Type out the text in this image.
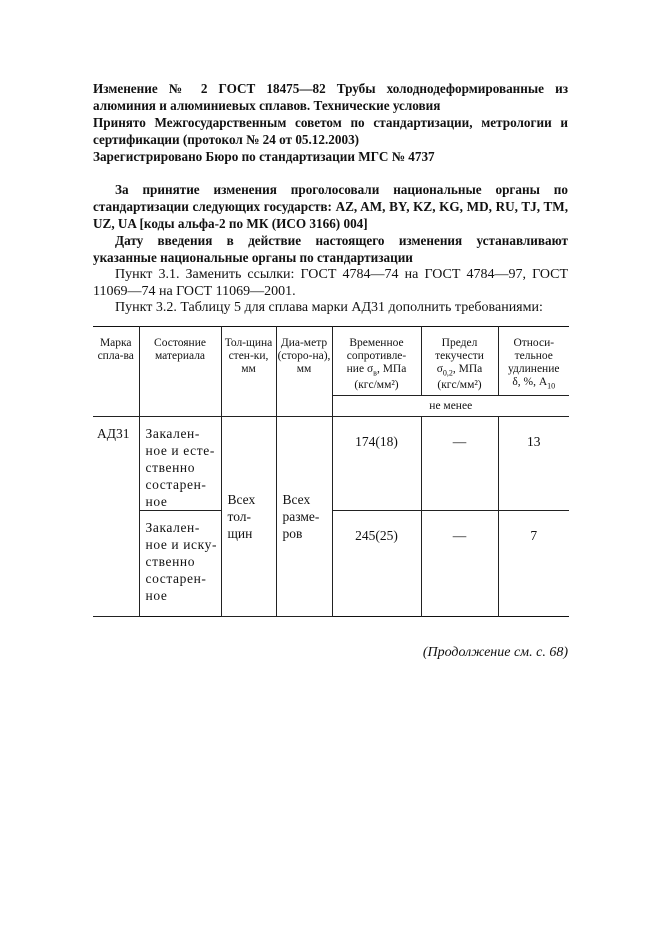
Изменение № 2 ГОСТ 18475—82 Трубы холоднодеформированные из алюминия и алюминиевых сплавов. Технические условия

Принято Межгосударственным советом по стандартизации, метрологии и сертификации (протокол № 24 от 05.12.2003)

Зарегистрировано Бюро по стандартизации МГС № 4737

За принятие изменения проголосовали национальные органы по стандартизации следующих государств: AZ, AM, BY, KZ, KG, MD, RU, TJ, TM, UZ, UA [коды альфа-2 по МК (ИСО 3166) 004]

Дату введения в действие настоящего изменения устанавливают указанные национальные органы по стандартизации

Пункт 3.1. Заменить ссылки: ГОСТ 4784—74 на ГОСТ 4784—97, ГОСТ 11069—74 на ГОСТ 11069—2001.

Пункт 3.2. Таблицу 5 для сплава марки АД31 дополнить требованиями:

Марка спла-ва	Состояние материала	Тол-щина стен-ки, мм	Диа-метр (сторо-на), мм	Временное
сопротивле-
ние $\sigma_в$, МПа
(кгс/мм²)	Предел
текучести
$\sigma_{0,2}$, МПа
(кгс/мм²)	Относи-
тельное
удлинение
δ, %, $А_{10}$
				не менее		
АД31	Закален-ное и есте-ственно состарен-ное	Всех тол-щин	Всех разме-ров	174(18)	—	13
	Закален-ное и иску-ственно состарен-ное			245(25)	—	7
(Продолжение см. с. 68)
